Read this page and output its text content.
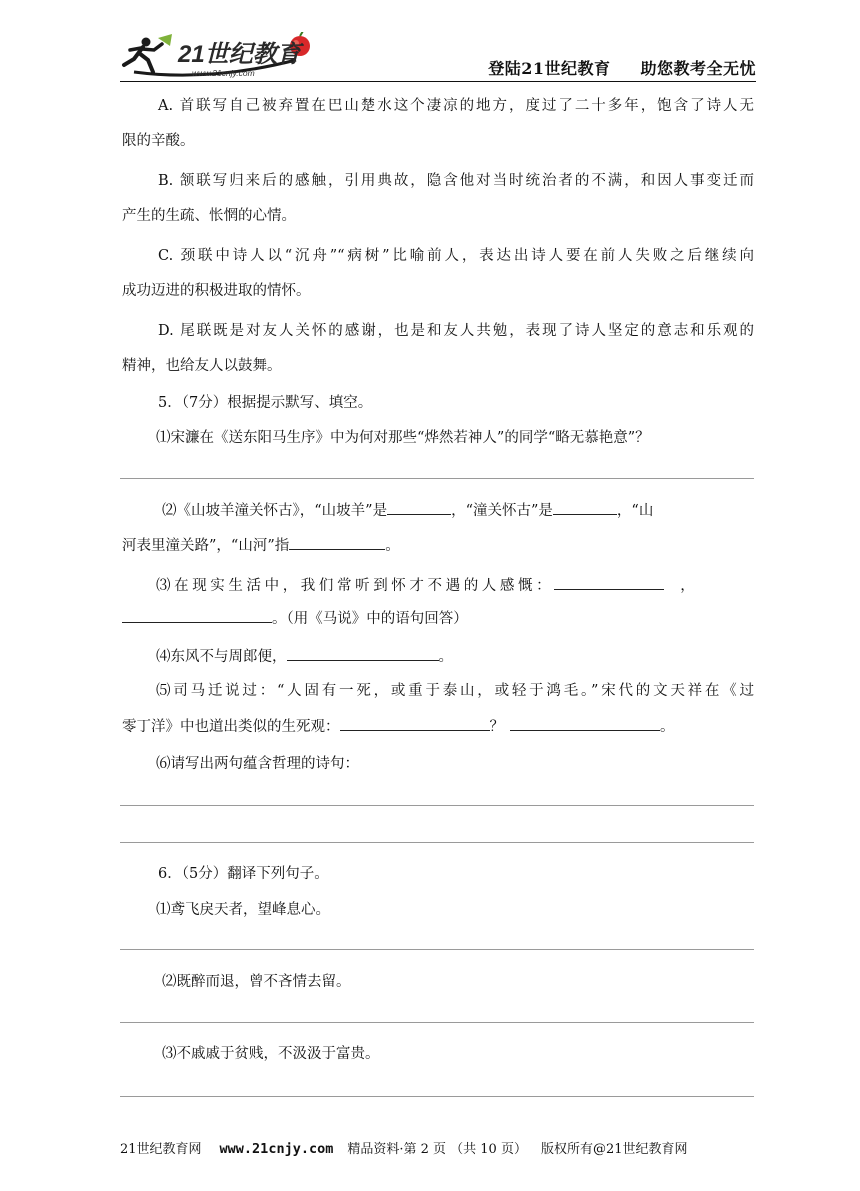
21世纪教育
www.21cnjy.com	登陆21世纪教育 助您教考全无忧
A. 首联写自己被弃置在巴山楚水这个凄凉的地方，度过了二十多年，饱含了诗人无
限的辛酸。
B. 颔联写归来后的感触，引用典故，隐含他对当时统治者的不满，和因人事变迁而
产生的生疏、怅惘的心情。
C. 颈联中诗人以“沉舟”“病树”比喻前人，表达出诗人要在前人失败之后继续向
成功迈进的积极进取的情怀。
D. 尾联既是对友人关怀的感谢，也是和友人共勉，表现了诗人坚定的意志和乐观的
精神，也给友人以鼓舞。
5．（7分）根据提示默写、填空。
⑴宋濂在《送东阳马生序》中为何对那些“烨然若神人”的同学“略无慕艳意”？
⑵《山坡羊潼关怀古》，“山坡羊”是	，“潼关怀古”是	，“山
河表里潼关路”，“山河”指	。
⑶在现实生活中，我们常听到怀才不遇的人感慨：	，
。（用《马说》中的语句回答）
⑷东风不与周郎便，	。
⑸司马迁说过：“人固有一死，或重于泰山，或轻于鸿毛。”宋代的文天祥在《过
零丁洋》中也道出类似的生死观：	？	。
⑹请写出两句蕴含哲理的诗句：
6．（5分）翻译下列句子。
⑴鸢飞戾天者，望峰息心。
⑵既醉而退，曾不吝情去留。
⑶不戚戚于贫贱，不汲汲于富贵。
21世纪教育网 www.21cnjy.com 精品资料·第 2 页 （共 10 页） 版权所有@21世纪教育网
